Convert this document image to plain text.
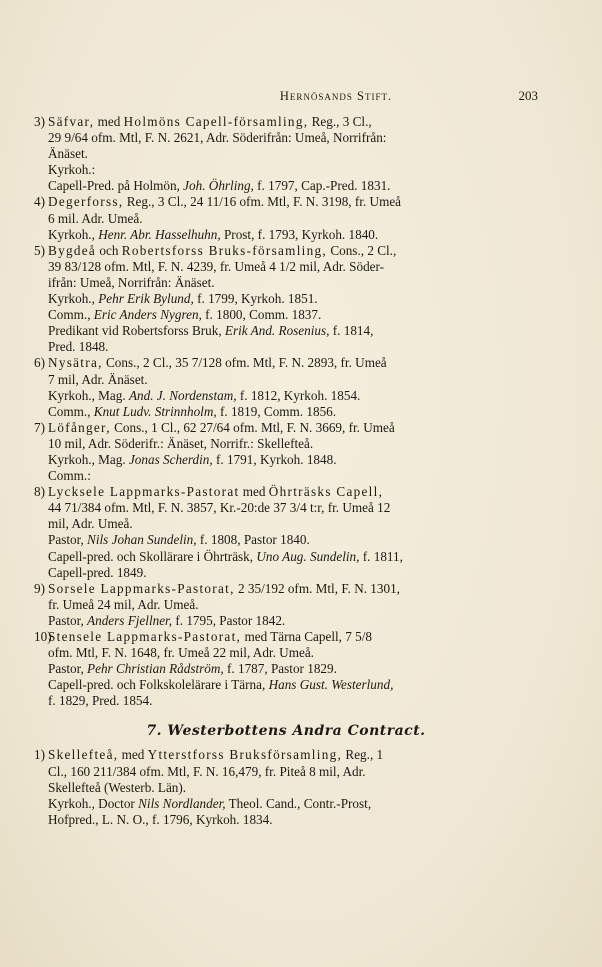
Hernösands Stift.	203
3) Säfvar, med Holmöns Capell-församling, Reg., 3 Cl.,
29 9/64 ofm. Mtl, F. N. 2621, Adr. Söderifrån: Umeå, Norrifrån:
Änäset.
Kyrkoh.:
Capell-Pred. på Holmön, Joh. Öhrling, f. 1797, Cap.-Pred. 1831.
4) Degerforss, Reg., 3 Cl., 24 11/16 ofm. Mtl, F. N. 3198, fr. Umeå
6 mil. Adr. Umeå.
Kyrkoh., Henr. Abr. Hasselhuhn, Prost, f. 1793, Kyrkoh. 1840.
5) Bygdeå och Robertsforss Bruks-församling, Cons., 2 Cl.,
39 83/128 ofm. Mtl, F. N. 4239, fr. Umeå 4 1/2 mil, Adr. Söder-
ifrån: Umeå, Norrifrån: Änäset.
Kyrkoh., Pehr Erik Bylund, f. 1799, Kyrkoh. 1851.
Comm., Eric Anders Nygren, f. 1800, Comm. 1837.
Predikant vid Robertsforss Bruk, Erik And. Rosenius, f. 1814,
Pred. 1848.
6) Nysätra, Cons., 2 Cl., 35 7/128 ofm. Mtl, F. N. 2893, fr. Umeå
7 mil, Adr. Änäset.
Kyrkoh., Mag. And. J. Nordenstam, f. 1812, Kyrkoh. 1854.
Comm., Knut Ludv. Strinnholm, f. 1819, Comm. 1856.
7) Löfånger, Cons., 1 Cl., 62 27/64 ofm. Mtl, F. N. 3669, fr. Umeå
10 mil, Adr. Söderifr.: Änäset, Norrifr.: Skellefteå.
Kyrkoh., Mag. Jonas Scherdin, f. 1791, Kyrkoh. 1848.
Comm.:
8) Lycksele Lappmarks-Pastorat med Öhrträsks Capell,
44 71/384 ofm. Mtl, F. N. 3857, Kr.-20:de 37 3/4 t:r, fr. Umeå 12
mil, Adr. Umeå.
Pastor, Nils Johan Sundelin, f. 1808, Pastor 1840.
Capell-pred. och Skollärare i Öhrträsk, Uno Aug. Sundelin, f. 1811,
Capell-pred. 1849.
9) Sorsele Lappmarks-Pastorat, 2 35/192 ofm. Mtl, F. N. 1301,
fr. Umeå 24 mil, Adr. Umeå.
Pastor, Anders Fjellner, f. 1795, Pastor 1842.
10)
Stensele Lappmarks-Pastorat, med Tärna Capell, 7 5/8
ofm. Mtl, F. N. 1648, fr. Umeå 22 mil, Adr. Umeå.
Pastor, Pehr Christian Rådström, f. 1787, Pastor 1829.
Capell-pred. och Folkskolelärare i Tärna, Hans Gust. Westerlund,
f. 1829, Pred. 1854.
7. Westerbottens Andra Contract.
1) Skellefteå, med Ytterstforss Bruksförsamling, Reg., 1
Cl., 160 211/384 ofm. Mtl, F. N. 16,479, fr. Piteå 8 mil, Adr.
Skellefteå (Westerb. Län).
Kyrkoh., Doctor Nils Nordlander, Theol. Cand., Contr.-Prost,
Hofpred., L. N. O., f. 1796, Kyrkoh. 1834.
